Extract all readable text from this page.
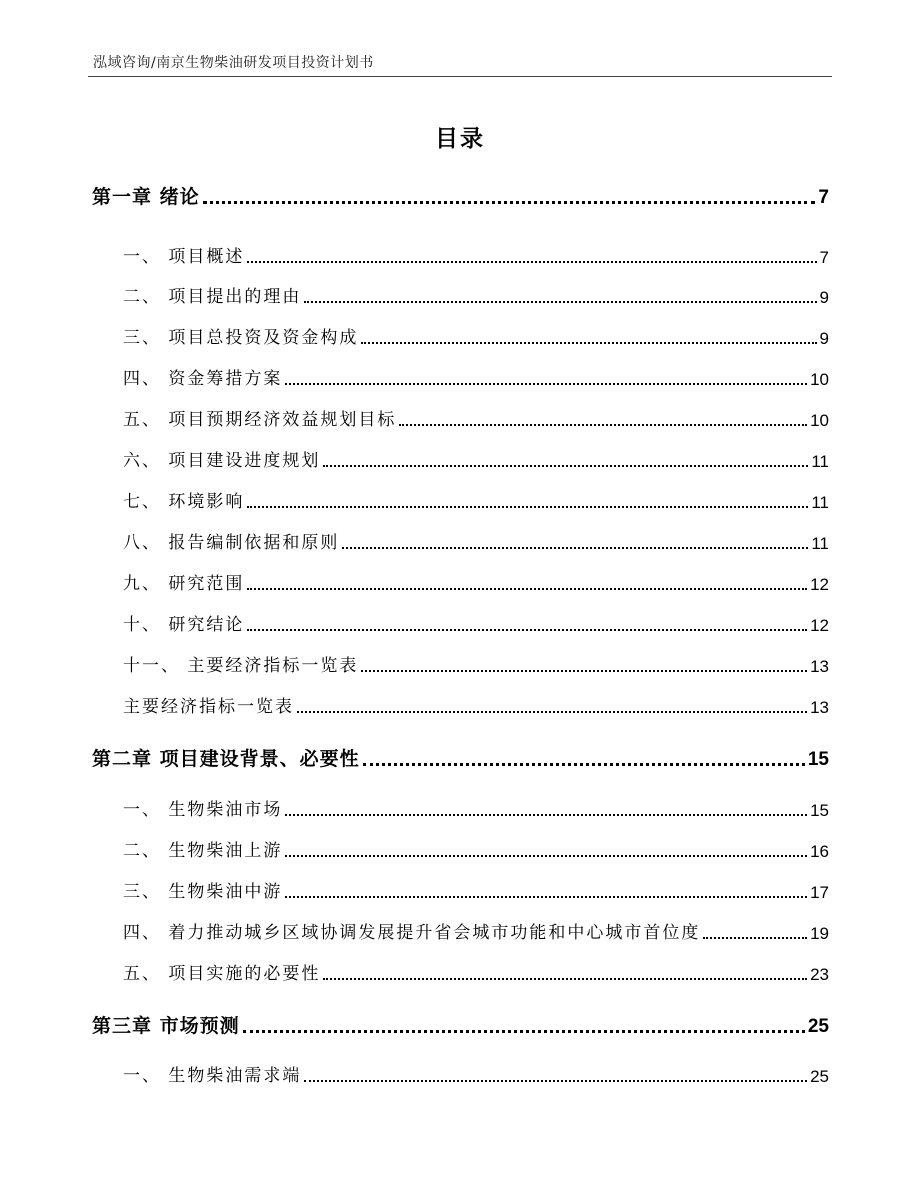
泓域咨询/南京生物柴油研发项目投资计划书
目录
第一章 绪论	7
一、 项目概述	7
二、 项目提出的理由	9
三、 项目总投资及资金构成	9
四、 资金筹措方案	10
五、 项目预期经济效益规划目标	10
六、 项目建设进度规划	11
七、 环境影响	11
八、 报告编制依据和原则	11
九、 研究范围	12
十、 研究结论	12
十一、 主要经济指标一览表	13
主要经济指标一览表	13
第二章 项目建设背景、必要性	15
一、 生物柴油市场	15
二、 生物柴油上游	16
三、 生物柴油中游	17
四、 着力推动城乡区域协调发展提升省会城市功能和中心城市首位度	19
五、 项目实施的必要性	23
第三章 市场预测	25
一、 生物柴油需求端	25
